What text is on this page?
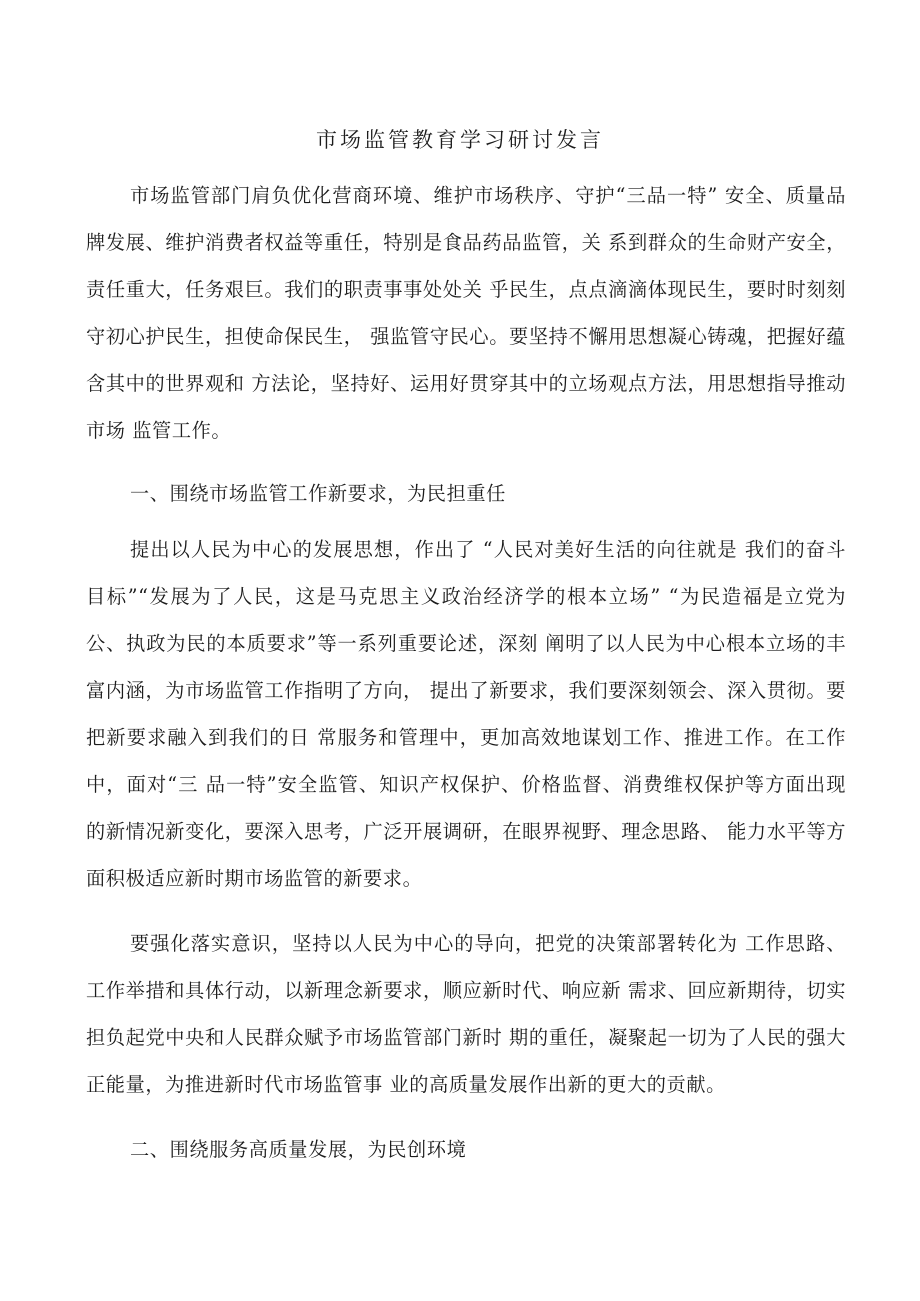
市场监管教育学习研讨发言

市场监管部门肩负优化营商环境、维护市场秩序、守护“三品一特” 安全、质量品牌发展、维护消费者权益等重任，特别是食品药品监管，关 系到群众的生命财产安全，责任重大，任务艰巨。我们的职责事事处处关 乎民生，点点滴滴体现民生，要时时刻刻守初心护民生，担使命保民生， 强监管守民心。要坚持不懈用思想凝心铸魂，把握好蕴含其中的世界观和 方法论，坚持好、运用好贯穿其中的立场观点方法，用思想指导推动市场 监管工作。

一、围绕市场监管工作新要求，为民担重任

提出以人民为中心的发展思想，作出了 “人民对美好生活的向往就是 我们的奋斗目标”“发展为了人民，这是马克思主义政治经济学的根本立场” “为民造福是立党为公、执政为民的本质要求”等一系列重要论述，深刻 阐明了以人民为中心根本立场的丰富内涵，为市场监管工作指明了方向， 提出了新要求，我们要深刻领会、深入贯彻。要把新要求融入到我们的日 常服务和管理中，更加高效地谋划工作、推进工作。在工作中，面对“三 品一特”安全监管、知识产权保护、价格监督、消费维权保护等方面出现 的新情况新变化，要深入思考，广泛开展调研，在眼界视野、理念思路、 能力水平等方面积极适应新时期市场监管的新要求。

要强化落实意识，坚持以人民为中心的导向，把党的决策部署转化为 工作思路、工作举措和具体行动，以新理念新要求，顺应新时代、响应新 需求、回应新期待，切实担负起党中央和人民群众赋予市场监管部门新时 期的重任，凝聚起一切为了人民的强大正能量，为推进新时代市场监管事 业的高质量发展作出新的更大的贡献。

二、围绕服务高质量发展，为民创环境
